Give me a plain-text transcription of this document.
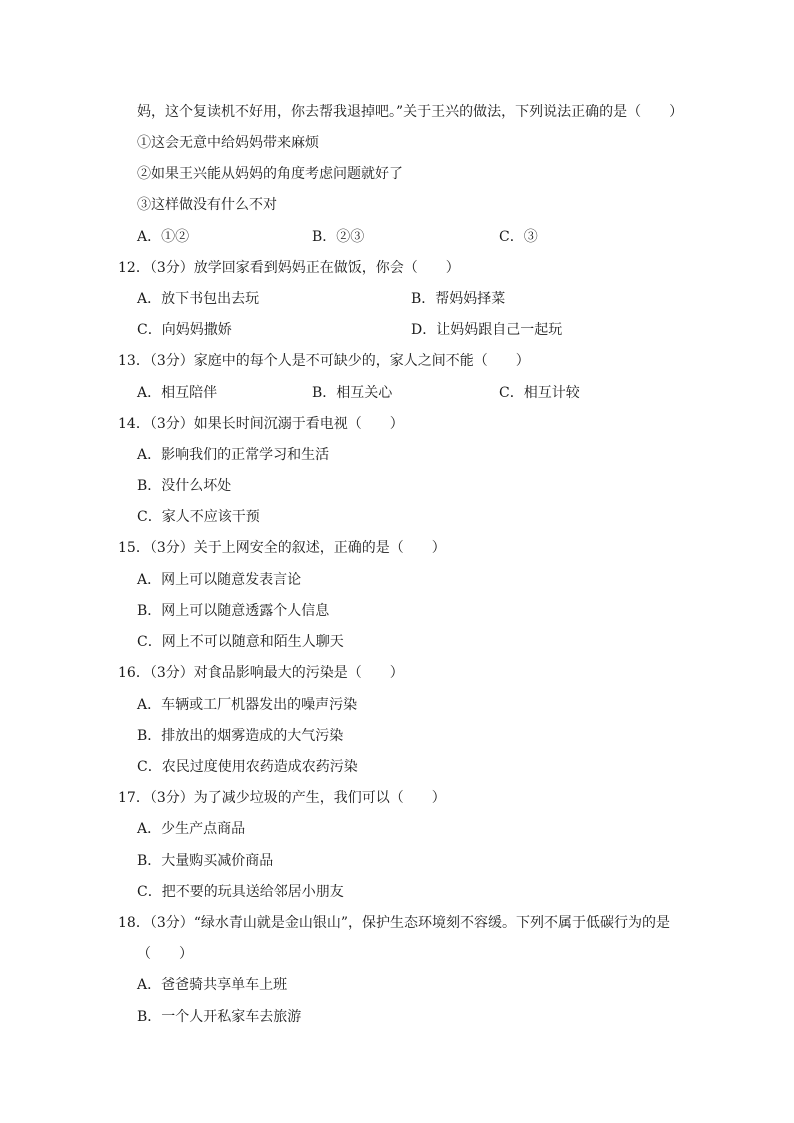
妈，这个复读机不好用，你去帮我退掉吧。”关于王兴的做法，下列说法正确的是（　　）
①这会无意中给妈妈带来麻烦
②如果王兴能从妈妈的角度考虑问题就好了
③这样做没有什么不对
A．①②	B．②③	C．③
12．（3分）放学回家看到妈妈正在做饭，你会（　　）
A．放下书包出去玩	B．帮妈妈择菜
C．向妈妈撒娇	D．让妈妈跟自己一起玩
13．（3分）家庭中的每个人是不可缺少的，家人之间不能（　　）
A．相互陪伴	B．相互关心	C．相互计较
14．（3分）如果长时间沉溺于看电视（　　）
A．影响我们的正常学习和生活
B．没什么坏处
C．家人不应该干预
15．（3分）关于上网安全的叙述，正确的是（　　）
A．网上可以随意发表言论
B．网上可以随意透露个人信息
C．网上不可以随意和陌生人聊天
16．（3分）对食品影响最大的污染是（　　）
A．车辆或工厂机器发出的噪声污染
B．排放出的烟雾造成的大气污染
C．农民过度使用农药造成农药污染
17．（3分）为了减少垃圾的产生，我们可以（　　）
A．少生产点商品
B．大量购买减价商品
C．把不要的玩具送给邻居小朋友
18．（3分）“绿水青山就是金山银山”，保护生态环境刻不容缓。下列不属于低碳行为的是
（　　）
A．爸爸骑共享单车上班
B．一个人开私家车去旅游
